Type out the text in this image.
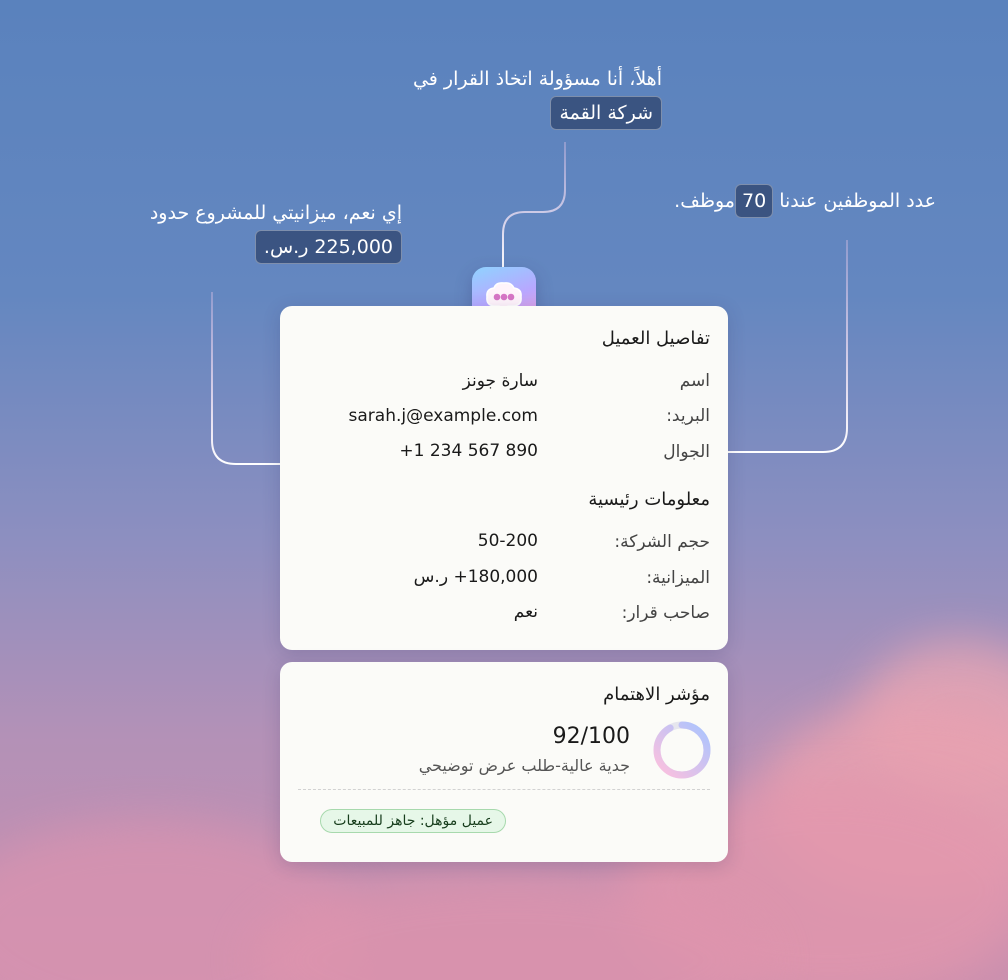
أهلاً، أنا مسؤولة اتخاذ القرار في
شركة القمة
إي نعم، ميزانيتي للمشروع حدود
225,000 ر.س.
عدد الموظفين عندنا 70موظف.
تفاصيل العميل
اسم
سارة جونز
البريد:
sarah.j@example.com
الجوال
+1 234 567 890
معلومات رئيسية
:حجم الشركة
50-200
:الميزانية
180,000+ ر.س
:صاحب قرار
نعم
مؤشر الاهتمام
92/100
جدية عالية-طلب عرض توضيحي
عميل مؤهل: جاهز للمبيعات
